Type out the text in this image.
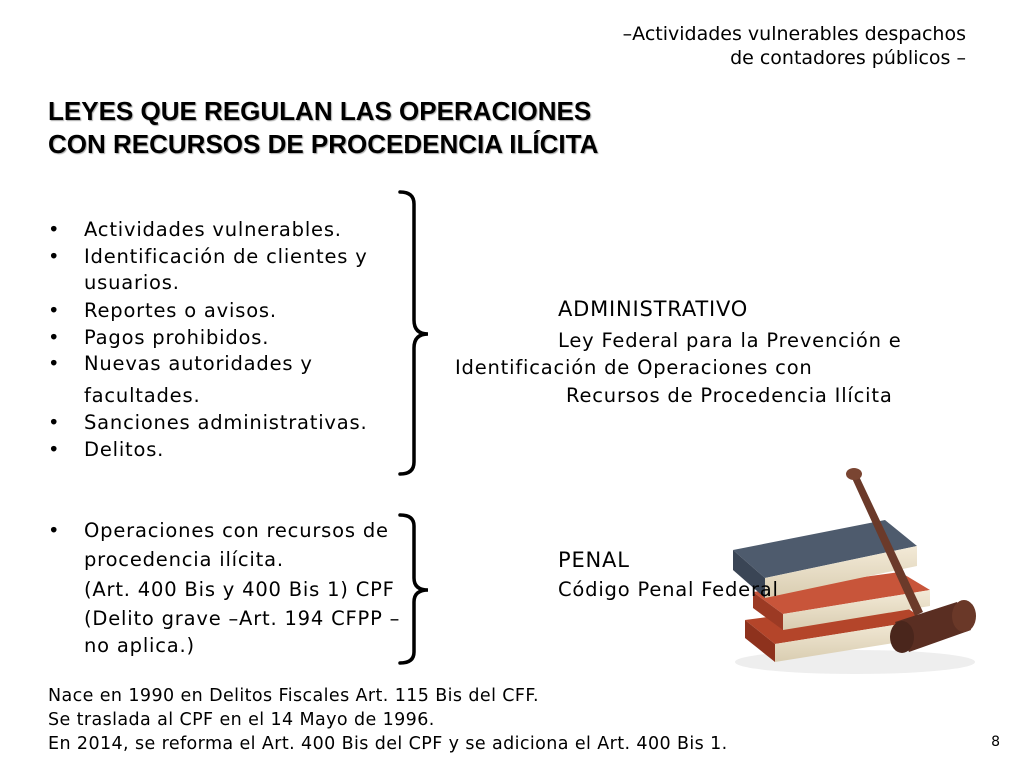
–Actividades vulnerables despachos
de contadores públicos –
LEYES QUE REGULAN LAS OPERACIONES
CON RECURSOS DE PROCEDENCIA ILÍCITA
• Actividades vulnerables.
• Identificación de clientes y
usuarios.
• Reportes o avisos.
• Pagos prohibidos.
• Nuevas autoridades y
facultades.
• Sanciones administrativas.
• Delitos.
ADMINISTRATIVO
Ley Federal para la Prevención e
Identificación de Operaciones con
Recursos de Procedencia Ilícita
• Operaciones con recursos de
procedencia ilícita.
(Art. 400 Bis y 400 Bis 1) CPF
(Delito grave –Art. 194 CFPP –
no aplica.)
PENAL
Código Penal Federal
Nace en 1990 en Delitos Fiscales Art. 115 Bis del CFF.
Se traslada al CPF en el 14 Mayo de 1996.
En 2014, se reforma el Art. 400 Bis del CPF y se adiciona el Art. 400 Bis 1.	8
